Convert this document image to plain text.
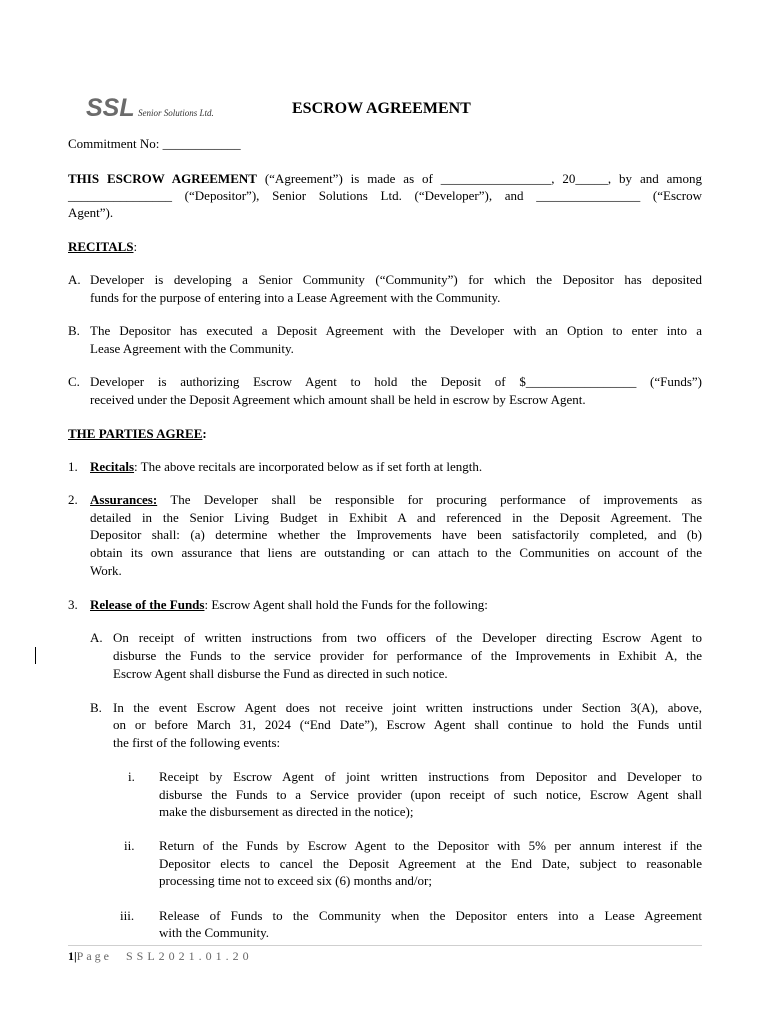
SSL Senior Solutions Ltd.	ESCROW AGREEMENT
Commitment No: ____________
THIS ESCROW AGREEMENT (“Agreement”) is made as of _________________, 20_____, by and among
________________ (“Depositor”), Senior Solutions Ltd. (“Developer”), and ________________ (“Escrow
Agent”).
RECITALS:
A. Developer is developing a Senior Community (“Community”) for which the Depositor has deposited
funds for the purpose of entering into a Lease Agreement with the Community.
B. The Depositor has executed a Deposit Agreement with the Developer with an Option to enter into a
Lease Agreement with the Community.
C. Developer is authorizing Escrow Agent to hold the Deposit of $_________________ (“Funds”)
received under the Deposit Agreement which amount shall be held in escrow by Escrow Agent.
THE PARTIES AGREE:
1. Recitals: The above recitals are incorporated below as if set forth at length.
2. Assurances: The Developer shall be responsible for procuring performance of improvements as
detailed in the Senior Living Budget in Exhibit A and referenced in the Deposit Agreement. The
Depositor shall: (a) determine whether the Improvements have been satisfactorily completed, and (b)
obtain its own assurance that liens are outstanding or can attach to the Communities on account of the
Work.
3. Release of the Funds: Escrow Agent shall hold the Funds for the following:
A. On receipt of written instructions from two officers of the Developer directing Escrow Agent to
disburse the Funds to the service provider for performance of the Improvements in Exhibit A, the
Escrow Agent shall disburse the Fund as directed in such notice.
B. In the event Escrow Agent does not receive joint written instructions under Section 3(A), above,
on or before March 31, 2024 (“End Date”), Escrow Agent shall continue to hold the Funds until
the first of the following events:
i. Receipt by Escrow Agent of joint written instructions from Depositor and Developer to
disburse the Funds to a Service provider (upon receipt of such notice, Escrow Agent shall
make the disbursement as directed in the notice);
ii. Return of the Funds by Escrow Agent to the Depositor with 5% per annum interest if the
Depositor elects to cancel the Deposit Agreement at the End Date, subject to reasonable
processing time not to exceed six (6) months and/or;
iii. Release of Funds to the Community when the Depositor enters into a Lease Agreement
with the Community.
1|Page SSL2021.01.20
